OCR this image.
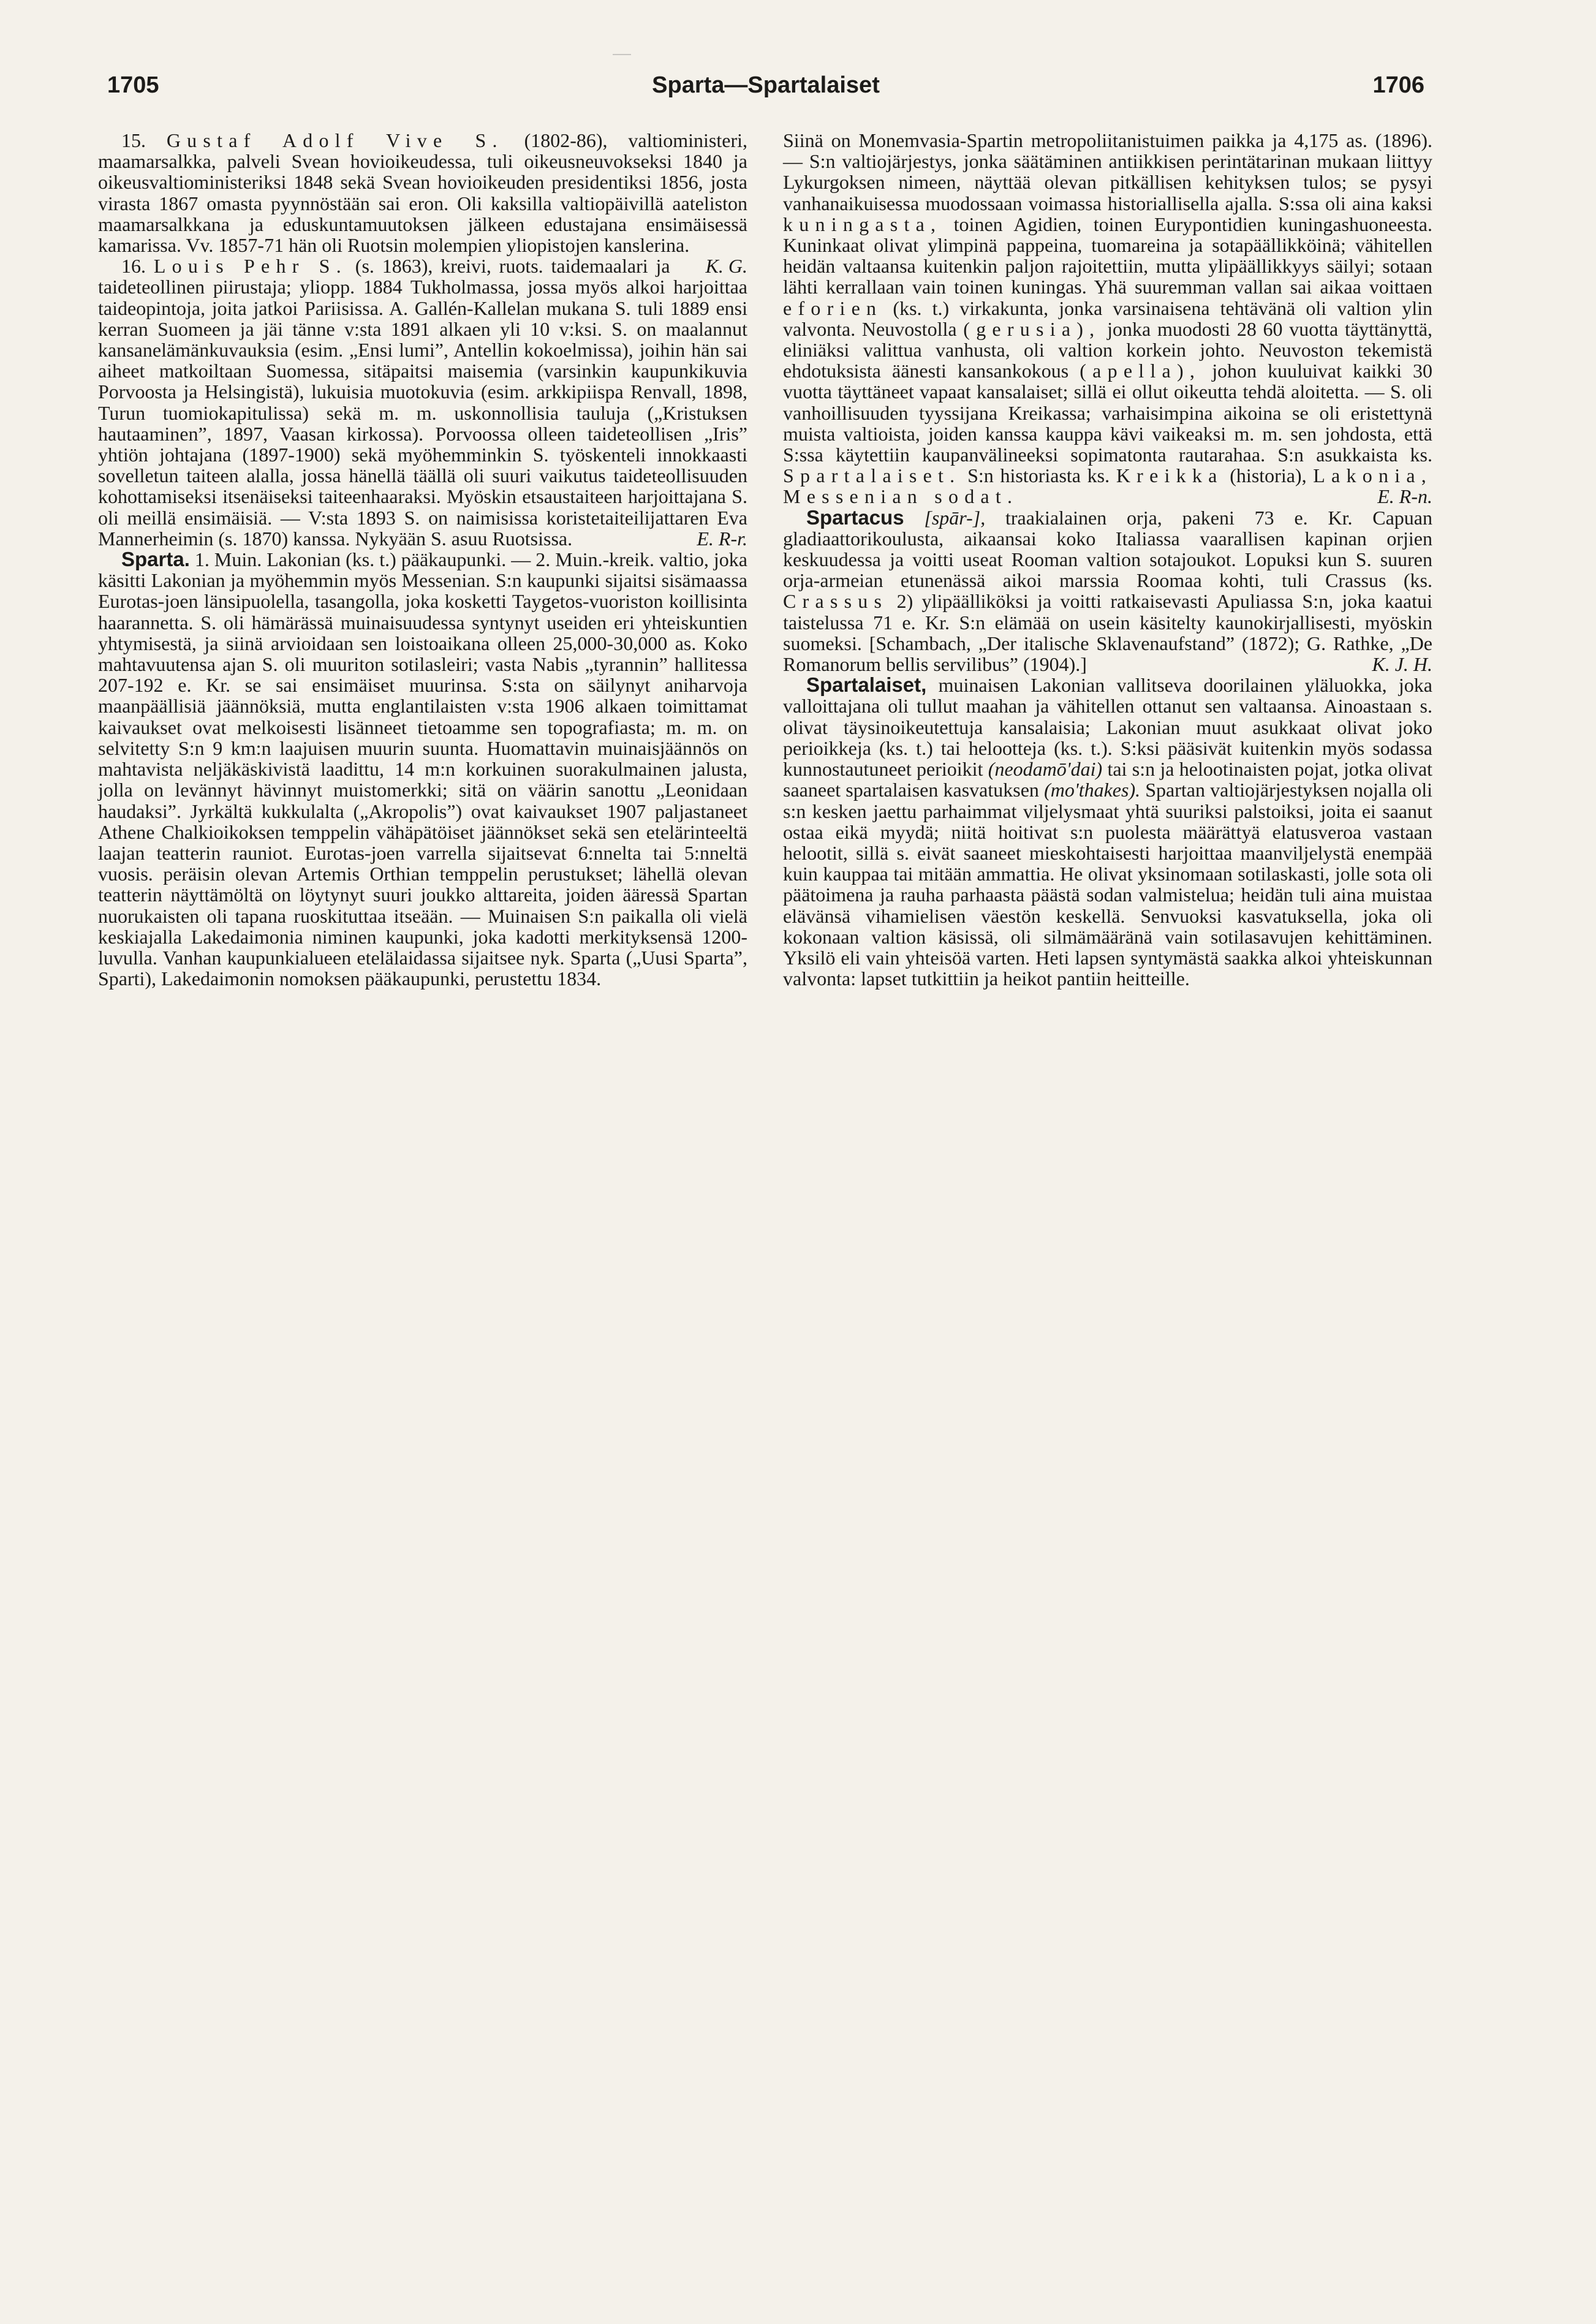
1705	Sparta—Spartalaiset	1706

15. Gustaf Adolf Vive S. (1802-86), valtioministeri, maamarsalkka, palveli Svean hovioikeudessa, tuli oikeusneuvokseksi 1840 ja oikeusvaltioministeriksi 1848 sekä Svean hovioikeuden presidentiksi 1856, josta virasta 1867 omasta pyynnöstään sai eron. Oli kaksilla valtiopäivillä aateliston maamarsalkkana ja eduskuntamuutoksen jälkeen edustajana ensimäisessä kamarissa. Vv. 1857-71 hän oli Ruotsin molempien yliopistojen kanslerina.
K. G.

16. Louis Pehr S. (s. 1863), kreivi, ruots. taidemaalari ja taideteollinen piirustaja; yliopp. 1884 Tukholmassa, jossa myös alkoi harjoittaa taideopintoja, joita jatkoi Pariisissa. A. Gallén-Kallelan mukana S. tuli 1889 ensi kerran Suomeen ja jäi tänne v:sta 1891 alkaen yli 10 v:ksi. S. on maalannut kansanelämänkuvauksia (esim. „Ensi lumi”, Antellin kokoelmissa), joihin hän sai aiheet matkoiltaan Suomessa, sitäpaitsi maisemia (varsinkin kaupunkikuvia Porvoosta ja Helsingistä), lukuisia muotokuvia (esim. arkkipiispa Renvall, 1898, Turun tuomiokapitulissa) sekä m. m. uskonnollisia tauluja („Kristuksen hautaaminen”, 1897, Vaasan kirkossa). Porvoossa olleen taideteollisen „Iris” yhtiön johtajana (1897-1900) sekä myöhemminkin S. työskenteli innokkaasti sovelletun taiteen alalla, jossa hänellä täällä oli suuri vaikutus taideteollisuuden kohottamiseksi itsenäiseksi taiteenhaaraksi. Myöskin etsaustaiteen harjoittajana S. oli meillä ensimäisiä. — V:sta 1893 S. on naimisissa koristetaiteilijattaren Eva Mannerheimin (s. 1870) kanssa. Nykyään S. asuu Ruotsissa.	E. R-r.

Sparta. 1. Muin. Lakonian (ks. t.) pääkaupunki. — 2. Muin.-kreik. valtio, joka käsitti Lakonian ja myöhemmin myös Messenian. S:n kaupunki sijaitsi sisämaassa Eurotas-joen länsipuolella, tasangolla, joka kosketti Taygetos-vuoriston koillisinta haarannetta. S. oli hämärässä muinaisuudessa syntynyt useiden eri yhteiskuntien yhtymisestä, ja siinä arvioidaan sen loistoaikana olleen 25,000-30,000 as. Koko mahtavuutensa ajan S. oli muuriton sotilasleiri; vasta Nabis „tyrannin” hallitessa 207-192 e. Kr. se sai ensimäiset muurinsa. S:sta on säilynyt aniharvoja maanpäällisiä jäännöksiä, mutta englantilaisten v:sta 1906 alkaen toimittamat kaivaukset ovat melkoisesti lisänneet tietoamme sen topografiasta; m. m. on selvitetty S:n 9 km:n laajuisen muurin suunta. Huomattavin muinaisjäännös on mahtavista neljäkäskivistä laadittu, 14 m:n korkuinen suorakulmainen jalusta, jolla on levännyt hävinnyt muistomerkki; sitä on väärin sanottu „Leonidaan haudaksi”. Jyrkältä kukkulalta („Akropolis”) ovat kaivaukset 1907 paljastaneet Athene Chalkioikoksen temppelin vähäpätöiset jäännökset sekä sen etelärinteeltä laajan teatterin rauniot. Eurotas-joen varrella sijaitsevat 6:nnelta tai 5:nneltä vuosis. peräisin olevan Artemis Orthian temppelin perustukset; lähellä olevan teatterin näyttämöltä on löytynyt suuri joukko alttareita, joiden ääressä Spartan nuorukaisten oli tapana ruoskituttaa itseään. — Muinaisen S:n paikalla oli vielä keskiajalla Lakedaimonia niminen kaupunki, joka kadotti merkityksensä 1200-luvulla. Vanhan kaupunkialueen etelälaidassa sijaitsee nyk. Sparta („Uusi Sparta”, Sparti), Lakedaimonin nomoksen pääkaupunki, perustettu 1834.

Siinä on Monemvasia-Spartin metropoliitanistuimen paikka ja 4,175 as. (1896). — S:n valtiojärjestys, jonka säätäminen antiikkisen perintätarinan mukaan liittyy Lykurgoksen nimeen, näyttää olevan pitkällisen kehityksen tulos; se pysyi vanhanaikuisessa muodossaan voimassa historiallisella ajalla. S:ssa oli aina kaksi kuningasta, toinen Agidien, toinen Eurypontidien kuningashuoneesta. Kuninkaat olivat ylimpinä pappeina, tuomareina ja sotapäällikköinä; vähitellen heidän valtaansa kuitenkin paljon rajoitettiin, mutta ylipäällikkyys säilyi; sotaan lähti kerrallaan vain toinen kuningas. Yhä suuremman vallan sai aikaa voittaen eforien (ks. t.) virkakunta, jonka varsinaisena tehtävänä oli valtion ylin valvonta. Neuvostolla (gerusia), jonka muodosti 28 60 vuotta täyttänyttä, eliniäksi valittua vanhusta, oli valtion korkein johto. Neuvoston tekemistä ehdotuksista äänesti kansankokous (apella), johon kuuluivat kaikki 30 vuotta täyttäneet vapaat kansalaiset; sillä ei ollut oikeutta tehdä aloitetta. — S. oli vanhoillisuuden tyyssijana Kreikassa; varhaisimpina aikoina se oli eristettynä muista valtioista, joiden kanssa kauppa kävi vaikeaksi m. m. sen johdosta, että S:ssa käytettiin kaupanvälineeksi sopimatonta rautarahaa. S:n asukkaista ks. Spartalaiset. S:n historiasta ks. Kreikka (historia), Lakonia, Messenian sodat.	E. R-n.

Spartacus [spār-], traakialainen orja, pakeni 73 e. Kr. Capuan gladiaattorikoulusta, aikaansai koko Italiassa vaarallisen kapinan orjien keskuudessa ja voitti useat Rooman valtion sotajoukot. Lopuksi kun S. suuren orja-armeian etunenässä aikoi marssia Roomaa kohti, tuli Crassus (ks. Crassus 2) ylipäälliköksi ja voitti ratkaisevasti Apuliassa S:n, joka kaatui taistelussa 71 e. Kr. S:n elämää on usein käsitelty kaunokirjallisesti, myöskin suomeksi. [Schambach, „Der italische Sklavenaufstand” (1872); G. Rathke, „De Romanorum bellis servilibus” (1904).]	K. J. H.

Spartalaiset, muinaisen Lakonian vallitseva doorilainen yläluokka, joka valloittajana oli tullut maahan ja vähitellen ottanut sen valtaansa. Ainoastaan s. olivat täysinoikeutettuja kansalaisia; Lakonian muut asukkaat olivat joko perioikkeja (ks. t.) tai helootteja (ks. t.). S:ksi pääsivät kuitenkin myös sodassa kunnostautuneet perioikit (neodamō'dai) tai s:n ja helootinaisten pojat, jotka olivat saaneet spartalaisen kasvatuksen (mo'thakes). Spartan valtiojärjestyksen nojalla oli s:n kesken jaettu parhaimmat viljelysmaat yhtä suuriksi palstoiksi, joita ei saanut ostaa eikä myydä; niitä hoitivat s:n puolesta määrättyä elatusveroa vastaan helootit, sillä s. eivät saaneet mieskohtaisesti harjoittaa maanviljelystä enempää kuin kauppaa tai mitään ammattia. He olivat yksinomaan sotilaskasti, jolle sota oli päätoimena ja rauha parhaasta päästä sodan valmistelua; heidän tuli aina muistaa elävänsä vihamielisen väestön keskellä. Senvuoksi kasvatuksella, joka oli kokonaan valtion käsissä, oli silmämääränä vain sotilasavujen kehittäminen. Yksilö eli vain yhteisöä varten. Heti lapsen syntymästä saakka alkoi yhteiskunnan valvonta: lapset tutkittiin ja heikot pantiin heitteille.
